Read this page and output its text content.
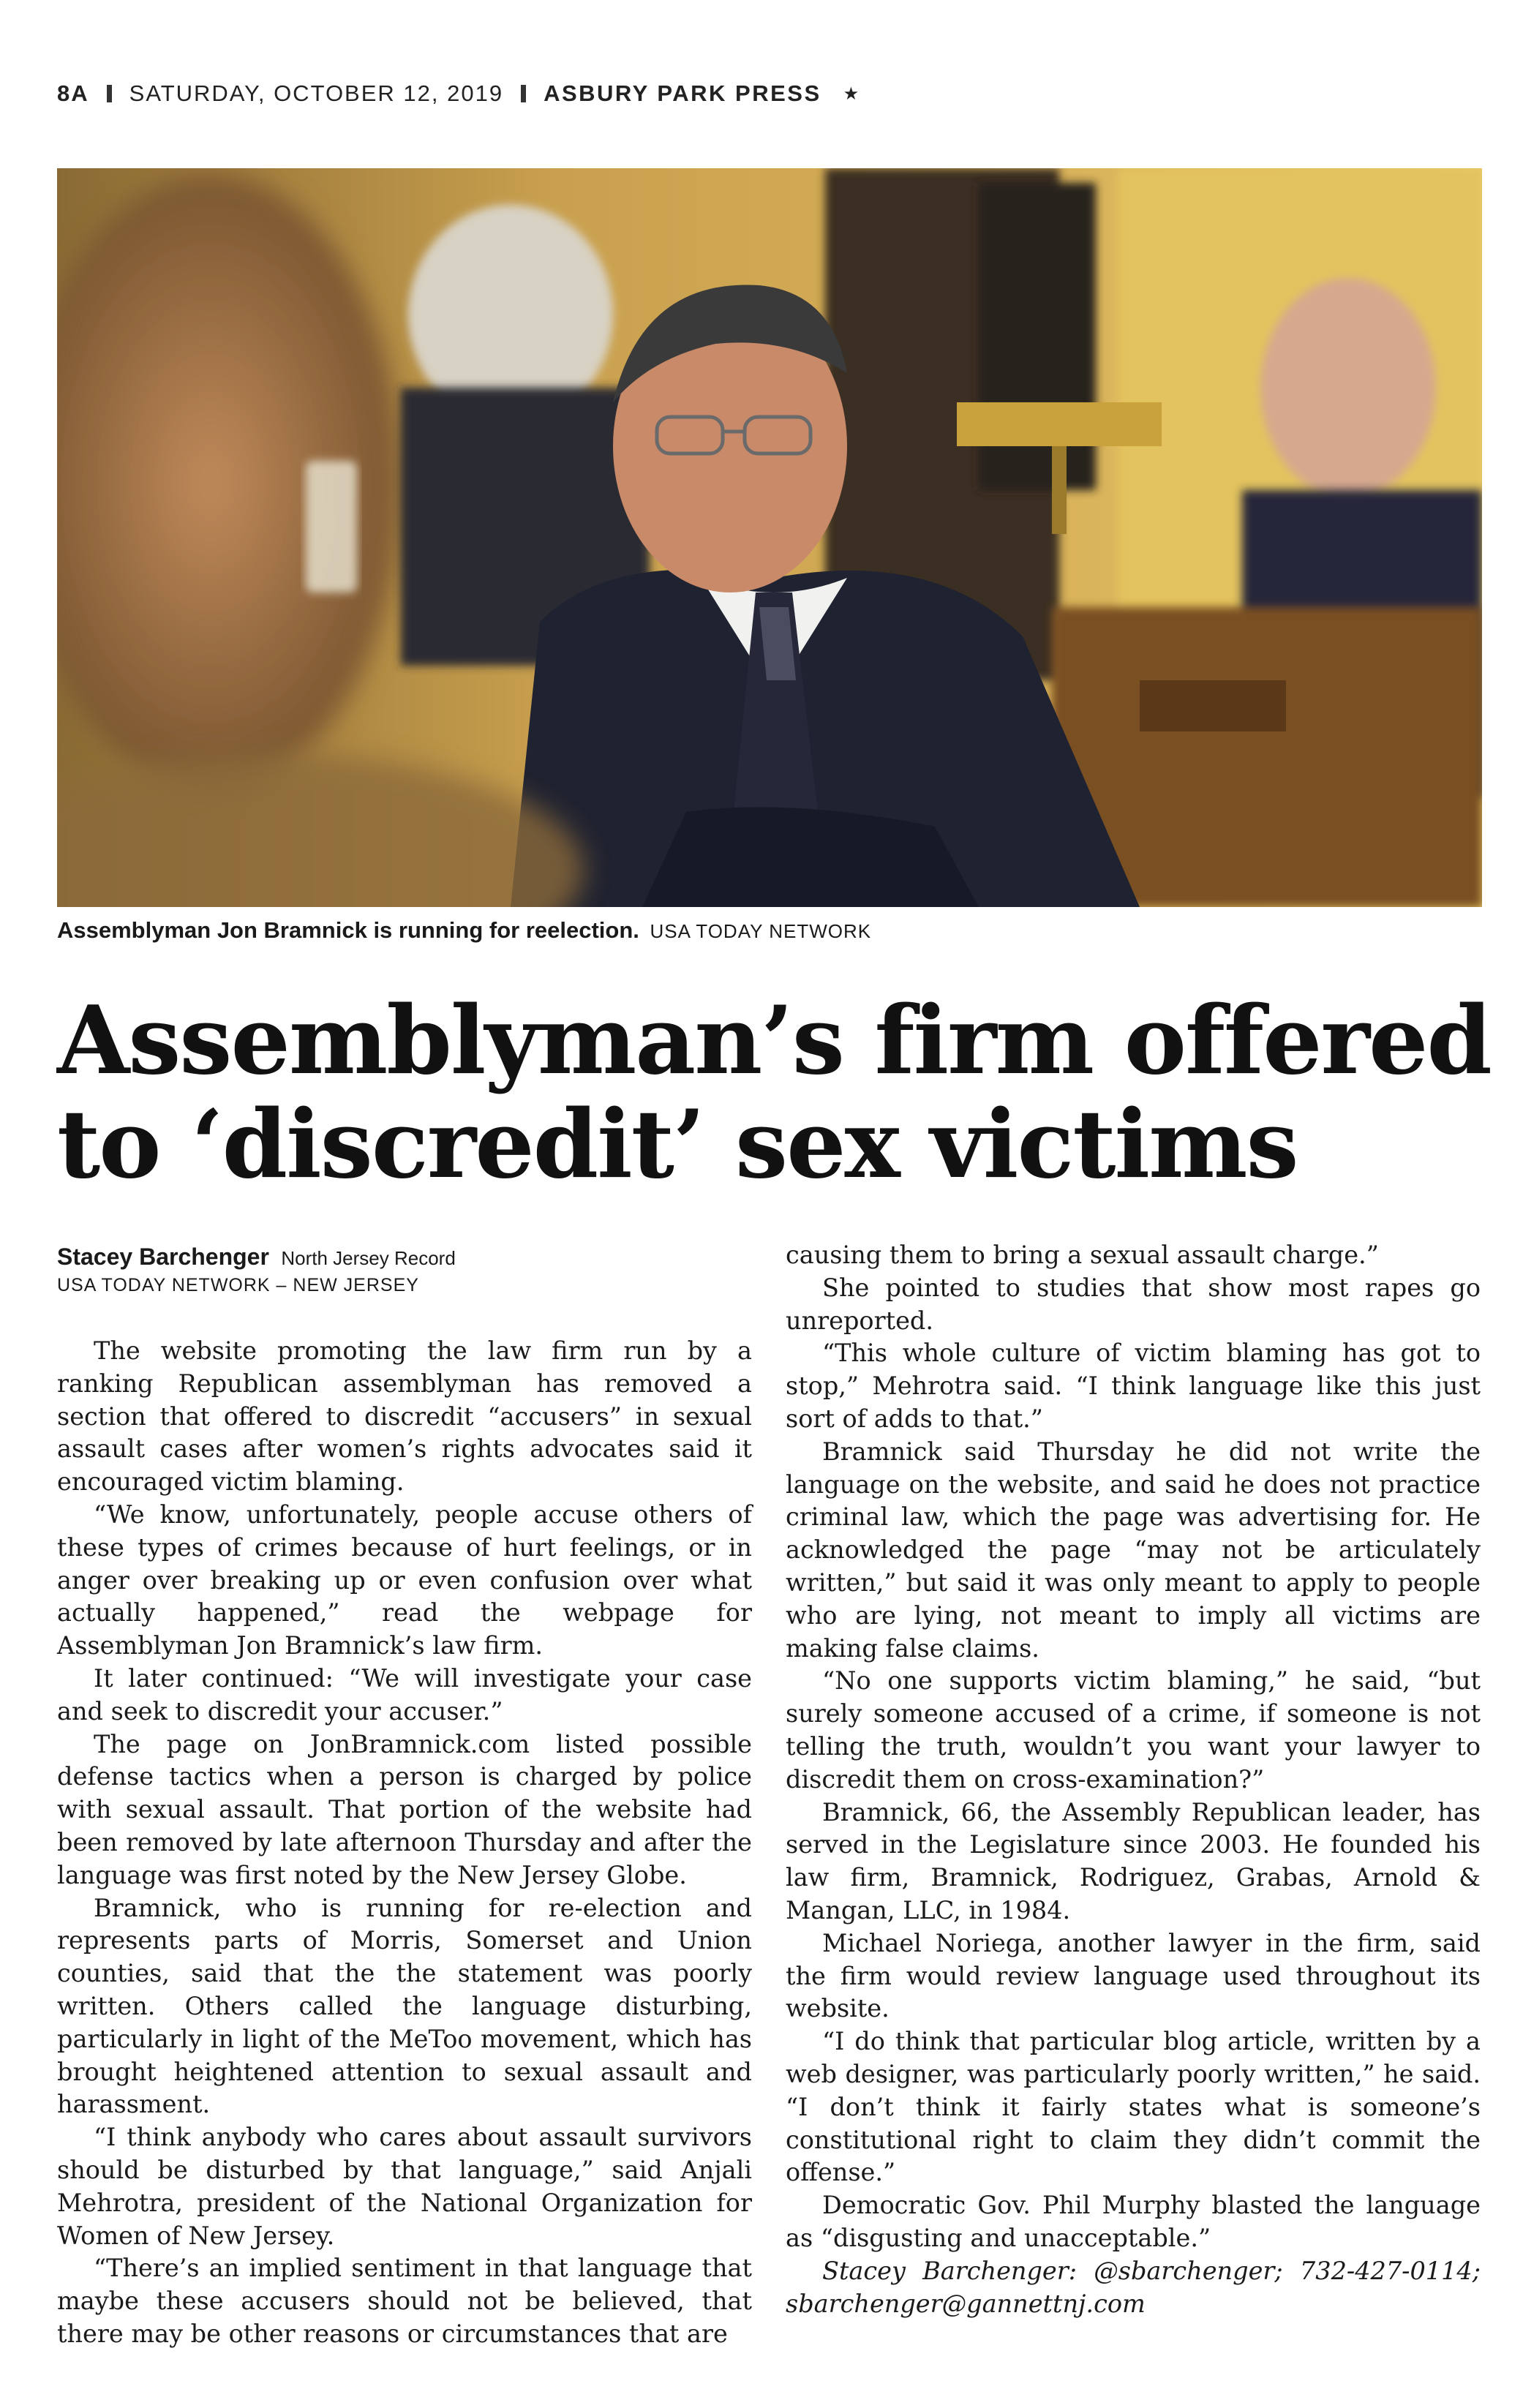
8A SATURDAY, OCTOBER 12, 2019 ASBURY PARK PRESS ★
Assemblyman Jon Bramnick is running for reelection. USA TODAY NETWORK
Assemblyman’s firm offered
to ‘discredit’ sex victims
Stacey Barchenger North Jersey Record
USA TODAY NETWORK – NEW JERSEY

The website promoting the law firm run by a ranking Republican assemblyman has removed a section that offered to discredit “accusers” in sexual assault cases after women’s rights advocates said it encouraged victim blaming.

“We know, unfortunately, people accuse others of these types of crimes because of hurt feelings, or in anger over breaking up or even confusion over what actually happened,” read the webpage for Assemblyman Jon Bramnick’s law firm.

It later continued: “We will investigate your case and seek to discredit your accuser.”

The page on JonBramnick.com listed possible defense tactics when a person is charged by police with sexual assault. That portion of the website had been removed by late afternoon Thursday and after the language was first noted by the New Jersey Globe.

Bramnick, who is running for re-election and represents parts of Morris, Somerset and Union counties, said that the the statement was poorly written. Others called the language disturbing, particularly in light of the MeToo movement, which has brought heightened attention to sexual assault and harassment.

“I think anybody who cares about assault survivors should be disturbed by that language,” said Anjali Mehrotra, president of the National Organization for Women of New Jersey.

“There’s an implied sentiment in that language that maybe these accusers should not be believed, that there may be other reasons or circumstances that are

causing them to bring a sexual assault charge.”

She pointed to studies that show most rapes go unreported.

“This whole culture of victim blaming has got to stop,” Mehrotra said. “I think language like this just sort of adds to that.”

Bramnick said Thursday he did not write the language on the website, and said he does not practice criminal law, which the page was advertising for. He acknowledged the page “may not be articulately written,” but said it was only meant to apply to people who are lying, not meant to imply all victims are making false claims.

“No one supports victim blaming,” he said, “but surely someone accused of a crime, if someone is not telling the truth, wouldn’t you want your lawyer to discredit them on cross-examination?”

Bramnick, 66, the Assembly Republican leader, has served in the Legislature since 2003. He founded his law firm, Bramnick, Rodriguez, Grabas, Arnold & Mangan, LLC, in 1984.

Michael Noriega, another lawyer in the firm, said the firm would review language used throughout its website.

“I do think that particular blog article, written by a web designer, was particularly poorly written,” he said. “I don’t think it fairly states what is someone’s constitutional right to claim they didn’t commit the offense.”

Democratic Gov. Phil Murphy blasted the language as “disgusting and unacceptable.”

Stacey Barchenger: @sbarchenger; 732-427-0114; sbarchenger@gannettnj.com
